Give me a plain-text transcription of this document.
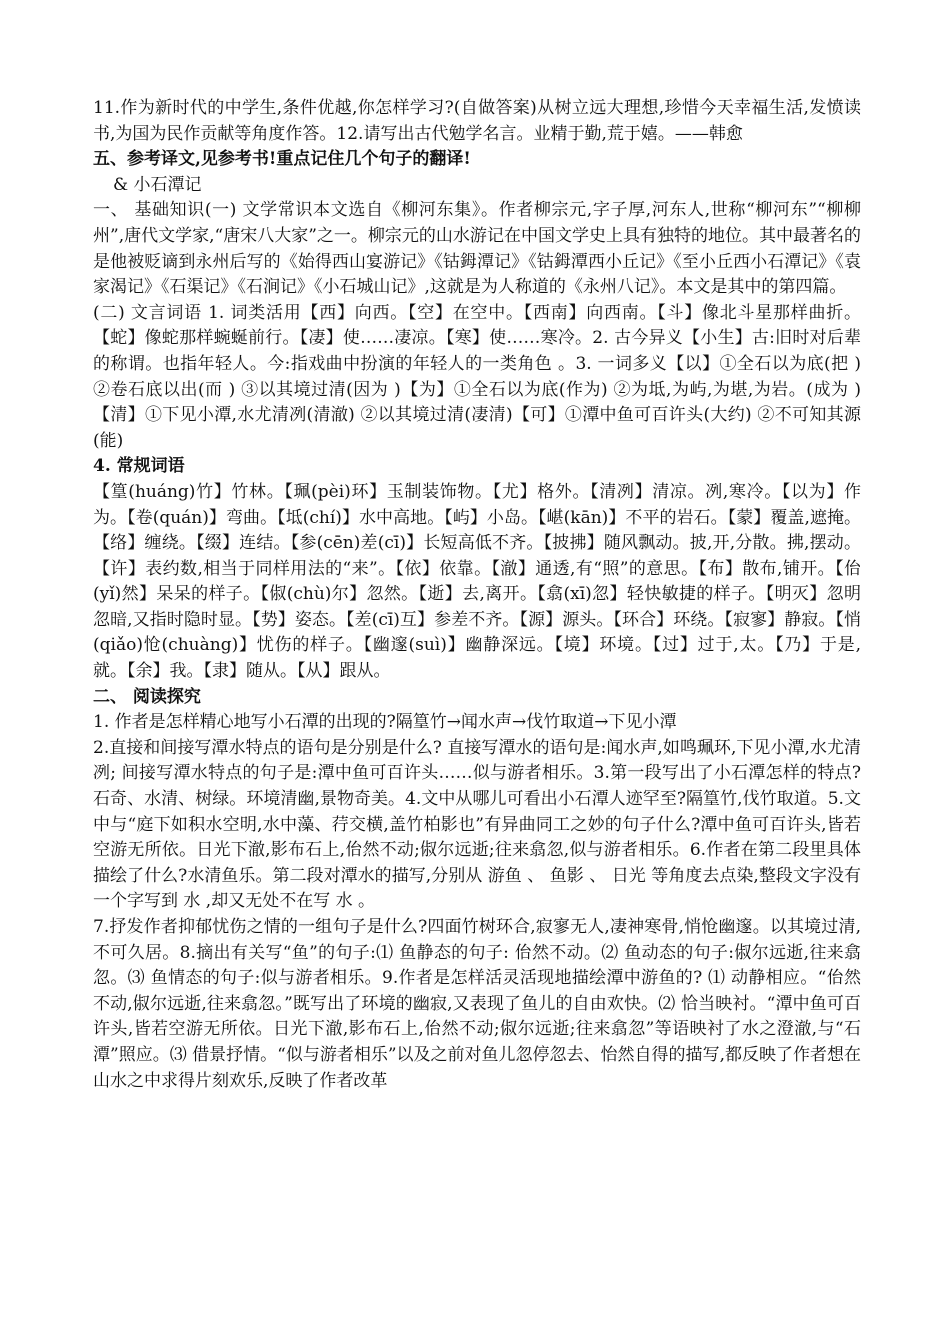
11.作为新时代的中学生,条件优越,你怎样学习?(自做答案)从树立远大理想,珍惜今天幸福生活,发愤读书,为国为民作贡献等角度作答。12.请写出古代勉学名言。业精于勤,荒于嬉。——韩愈

五、参考译文,见参考书!重点记住几个句子的翻译!

& 小石潭记

一、 基础知识(一) 文学常识本文选自《柳河东集》。作者柳宗元,字子厚,河东人,世称“柳河东”“柳柳州”,唐代文学家,“唐宋八大家”之一。柳宗元的山水游记在中国文学史上具有独特的地位。其中最著名的是他被贬谪到永州后写的《始得西山宴游记》《钴鉧潭记》《钴鉧潭西小丘记》《至小丘西小石潭记》《袁家渴记》《石渠记》《石涧记》《小石城山记》,这就是为人称道的《永州八记》。本文是其中的第四篇。

(二) 文言词语 1. 词类活用【西】向西。【空】在空中。【西南】向西南。【斗】像北斗星那样曲折。【蛇】像蛇那样蜿蜒前行。【凄】使……凄凉。【寒】使……寒冷。2. 古今异义【小生】古:旧时对后辈的称谓。也指年轻人。今:指戏曲中扮演的年轻人的一类角色 。3. 一词多义【以】①全石以为底(把 ) ②卷石底以出(而 ) ③以其境过清(因为 )【为】①全石以为底(作为) ②为坻,为屿,为堪,为岩。(成为 )【清】①下见小潭,水尤清冽(清澈) ②以其境过清(凄清)【可】①潭中鱼可百许头(大约) ②不可知其源(能)

4. 常规词语

【篁(huáng)竹】竹林。【珮(pèi)环】玉制装饰物。【尤】格外。【清冽】清凉。冽,寒冷。【以为】作为。【卷(quán)】弯曲。【坻(chí)】水中高地。【屿】小岛。【嵁(kān)】不平的岩石。【蒙】覆盖,遮掩。【络】缠绕。【缀】连结。【参(cēn)差(cī)】长短高低不齐。【披拂】随风飘动。披,开,分散。拂,摆动。【许】表约数,相当于同样用法的“来”。【依】依靠。【澈】通透,有“照”的意思。【布】散布,铺开。【佁(yǐ)然】呆呆的样子。【俶(chù)尔】忽然。【逝】去,离开。【翕(xī)忽】轻快敏捷的样子。【明灭】忽明忽暗,又指时隐时显。【势】姿态。【差(cī)互】参差不齐。【源】源头。【环合】环绕。【寂寥】静寂。【悄(qiǎo)怆(chuàng)】忧伤的样子。【幽邃(suì)】幽静深远。【境】环境。【过】过于,太。【乃】于是,就。【余】我。【隶】随从。【从】跟从。

二、 阅读探究

1. 作者是怎样精心地写小石潭的出现的?隔篁竹→闻水声→伐竹取道→下见小潭

2.直接和间接写潭水特点的语句是分别是什么? 直接写潭水的语句是:闻水声,如鸣珮环,下见小潭,水尤清冽; 间接写潭水特点的句子是:潭中鱼可百许头……似与游者相乐。3.第一段写出了小石潭怎样的特点?石奇、水清、树绿。环境清幽,景物奇美。4.文中从哪儿可看出小石潭人迹罕至?隔篁竹,伐竹取道。5.文中与“庭下如积水空明,水中藻、荇交横,盖竹柏影也”有异曲同工之妙的句子什么?潭中鱼可百许头,皆若空游无所依。日光下澈,影布石上,佁然不动;俶尔远逝;往来翕忽,似与游者相乐。6.作者在第二段里具体描绘了什么?水清鱼乐。第二段对潭水的描写,分别从 游鱼 、 鱼影 、 日光 等角度去点染,整段文字没有一个字写到 水 ,却又无处不在写 水 。

7.抒发作者抑郁忧伤之情的一组句子是什么?四面竹树环合,寂寥无人,凄神寒骨,悄怆幽邃。以其境过清,不可久居。8.摘出有关写“鱼”的句子:⑴ 鱼静态的句子: 佁然不动。⑵ 鱼动态的句子:俶尔远逝,往来翕忽。⑶ 鱼情态的句子:似与游者相乐。9.作者是怎样活灵活现地描绘潭中游鱼的? ⑴ 动静相应。“佁然不动,俶尔远逝,往来翕忽。”既写出了环境的幽寂,又表现了鱼儿的自由欢快。⑵ 恰当映衬。“潭中鱼可百许头,皆若空游无所依。日光下澈,影布石上,佁然不动;俶尔远逝;往来翕忽”等语映衬了水之澄澈,与“石潭”照应。⑶ 借景抒情。“似与游者相乐”以及之前对鱼儿忽停忽去、怡然自得的描写,都反映了作者想在山水之中求得片刻欢乐,反映了作者改革
